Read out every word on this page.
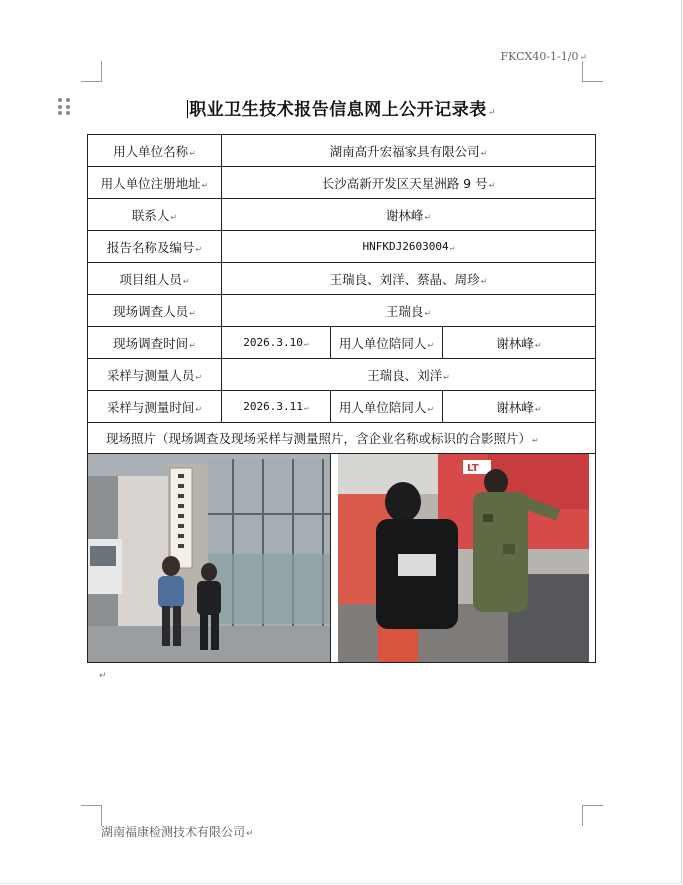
FKCX40-1-1/0↵
职业卫生技术报告信息网上公开记录表↵
用人单位名称↵	湖南高升宏福家具有限公司↵		
用人单位注册地址↵	长沙高新开发区天星洲路 9 号↵		
联系人↵	谢林峰↵		
报告名称及编号↵	HNFKDJ2603004↵		
项目组人员↵	王瑞良、刘洋、蔡晶、周珍↵		
现场调查人员↵	王瑞良↵		
现场调查时间↵	2026.3.10↵	用人单位陪同人↵	谢林峰↵
采样与测量人员↵	王瑞良、刘洋↵		
采样与测量时间↵	2026.3.11↵	用人单位陪同人↵	谢林峰↵
现场照片（现场调查及现场采样与测量照片，含企业名称或标识的合影照片）↵			

LT	
↵
湖南福康检测技术有限公司↵
